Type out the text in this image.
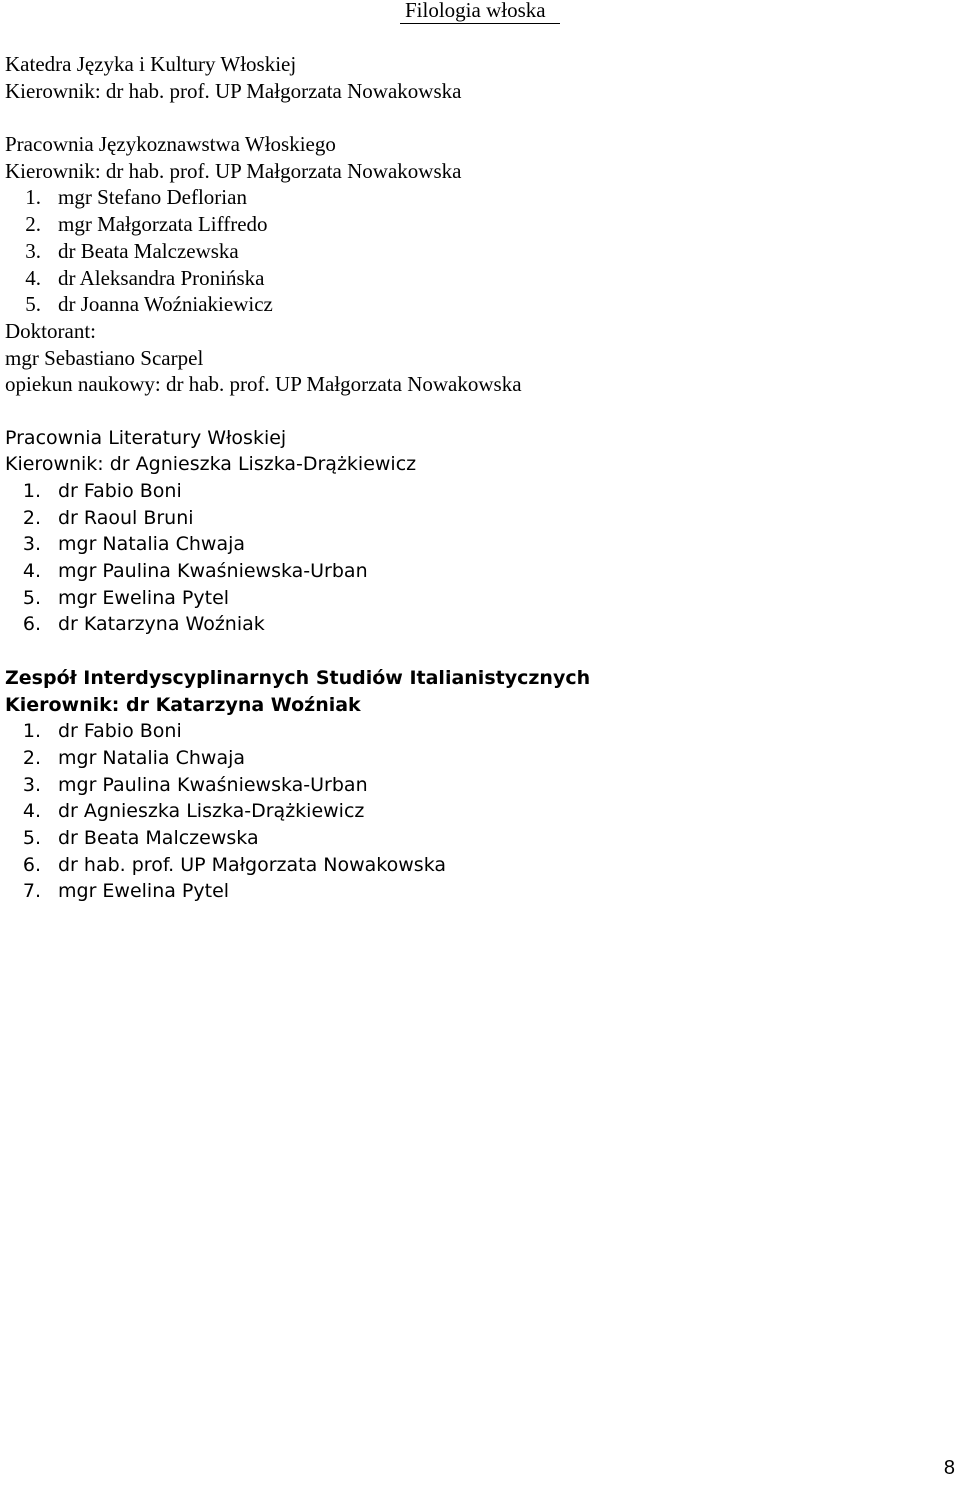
Filologia włoska
Katedra Języka i Kultury Włoskiej
Kierownik: dr hab. prof. UP Małgorzata Nowakowska
Pracownia Językoznawstwa Włoskiego
Kierownik: dr hab. prof. UP Małgorzata Nowakowska
1. mgr Stefano Deflorian
2. mgr Małgorzata Liffredo
3. dr Beata Malczewska
4. dr Aleksandra Pronińska
5. dr Joanna Woźniakiewicz
Doktorant:
mgr Sebastiano Scarpel
opiekun naukowy: dr hab. prof. UP Małgorzata Nowakowska
Pracownia Literatury Włoskiej
Kierownik: dr Agnieszka Liszka-Drążkiewicz
1. dr Fabio Boni
2. dr Raoul Bruni
3. mgr Natalia Chwaja
4. mgr Paulina Kwaśniewska-Urban
5. mgr Ewelina Pytel
6. dr Katarzyna Woźniak
Zespół Interdyscyplinarnych Studiów Italianistycznych
Kierownik: dr Katarzyna Woźniak
1. dr Fabio Boni
2. mgr Natalia Chwaja
3. mgr Paulina Kwaśniewska-Urban
4. dr Agnieszka Liszka-Drążkiewicz
5. dr Beata Malczewska
6. dr hab. prof. UP Małgorzata Nowakowska
7. mgr Ewelina Pytel
8
